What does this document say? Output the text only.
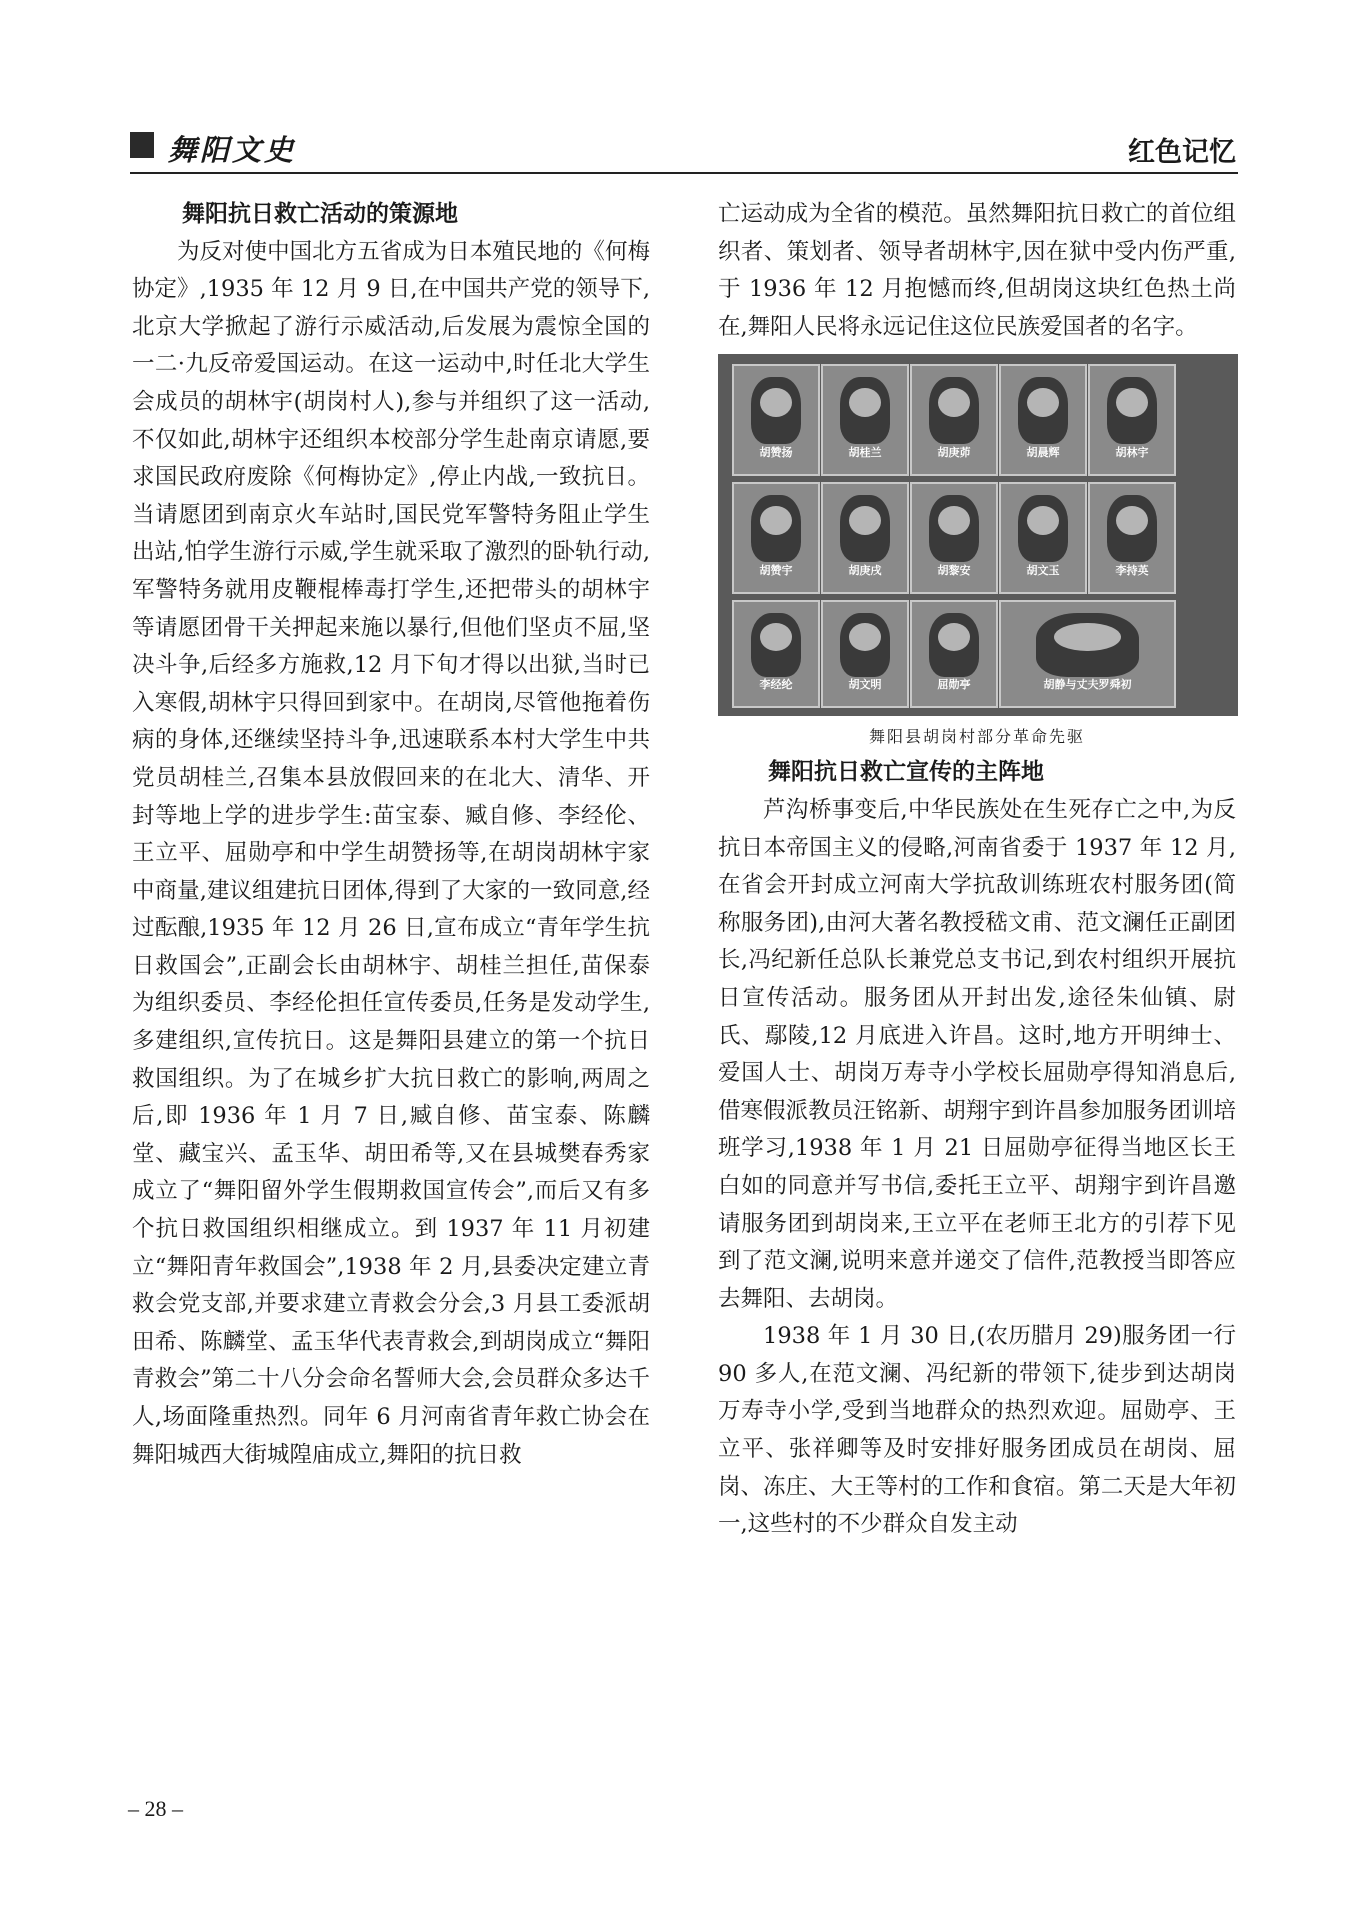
舞阳文史	红色记忆
舞阳抗日救亡活动的策源地

为反对使中国北方五省成为日本殖民地的《何梅协定》,1935 年 12 月 9 日,在中国共产党的领导下,北京大学掀起了游行示威活动,后发展为震惊全国的一二·九反帝爱国运动。在这一运动中,时任北大学生会成员的胡林宇(胡岗村人),参与并组织了这一活动,不仅如此,胡林宇还组织本校部分学生赴南京请愿,要求国民政府废除《何梅协定》,停止内战,一致抗日。当请愿团到南京火车站时,国民党军警特务阻止学生出站,怕学生游行示威,学生就采取了激烈的卧轨行动,军警特务就用皮鞭棍棒毒打学生,还把带头的胡林宇等请愿团骨干关押起来施以暴行,但他们坚贞不屈,坚决斗争,后经多方施救,12 月下旬才得以出狱,当时已入寒假,胡林宇只得回到家中。在胡岗,尽管他拖着伤病的身体,还继续坚持斗争,迅速联系本村大学生中共党员胡桂兰,召集本县放假回来的在北大、清华、开封等地上学的进步学生:苗宝泰、臧自修、李经伦、王立平、屈勋亭和中学生胡赞扬等,在胡岗胡林宇家中商量,建议组建抗日团体,得到了大家的一致同意,经过酝酿,1935 年 12 月 26 日,宣布成立“青年学生抗日救国会”,正副会长由胡林宇、胡桂兰担任,苗保泰为组织委员、李经伦担任宣传委员,任务是发动学生,多建组织,宣传抗日。这是舞阳县建立的第一个抗日救国组织。为了在城乡扩大抗日救亡的影响,两周之后,即 1936 年 1 月 7 日,臧自修、苗宝泰、陈麟堂、藏宝兴、孟玉华、胡田希等,又在县城樊春秀家成立了“舞阳留外学生假期救国宣传会”,而后又有多个抗日救国组织相继成立。到 1937 年 11 月初建立“舞阳青年救国会”,1938 年 2 月,县委决定建立青救会党支部,并要求建立青救会分会,3 月县工委派胡田希、陈麟堂、孟玉华代表青救会,到胡岗成立“舞阳青救会”第二十八分会命名誓师大会,会员群众多达千人,场面隆重热烈。同年 6 月河南省青年救亡协会在舞阳城西大街城隍庙成立,舞阳的抗日救

亡运动成为全省的模范。虽然舞阳抗日救亡的首位组织者、策划者、领导者胡林宇,因在狱中受内伤严重,于 1936 年 12 月抱憾而终,但胡岗这块红色热土尚在,舞阳人民将永远记住这位民族爱国者的名字。

胡赞扬	胡桂兰	胡庚茆	胡晨辉	胡林宇
胡赞宇	胡庚戌	胡黎安	胡文玉	李持英
李经纶	胡文明	屈勋亭	胡静与丈夫罗舜初
舞阳县胡岗村部分革命先驱
舞阳抗日救亡宣传的主阵地

芦沟桥事变后,中华民族处在生死存亡之中,为反抗日本帝国主义的侵略,河南省委于 1937 年 12 月,在省会开封成立河南大学抗敌训练班农村服务团(简称服务团),由河大著名教授嵇文甫、范文澜任正副团长,冯纪新任总队长兼党总支书记,到农村组织开展抗日宣传活动。服务团从开封出发,途径朱仙镇、尉氏、鄢陵,12 月底进入许昌。这时,地方开明绅士、爱国人士、胡岗万寿寺小学校长屈勋亭得知消息后,借寒假派教员汪铭新、胡翔宇到许昌参加服务团训培班学习,1938 年 1 月 21 日屈勋亭征得当地区长王白如的同意并写书信,委托王立平、胡翔宇到许昌邀请服务团到胡岗来,王立平在老师王北方的引荐下见到了范文澜,说明来意并递交了信件,范教授当即答应去舞阳、去胡岗。

1938 年 1 月 30 日,(农历腊月 29)服务团一行 90 多人,在范文澜、冯纪新的带领下,徒步到达胡岗万寿寺小学,受到当地群众的热烈欢迎。屈勋亭、王立平、张祥卿等及时安排好服务团成员在胡岗、屈岗、冻庄、大王等村的工作和食宿。第二天是大年初一,这些村的不少群众自发主动

– 28 –
